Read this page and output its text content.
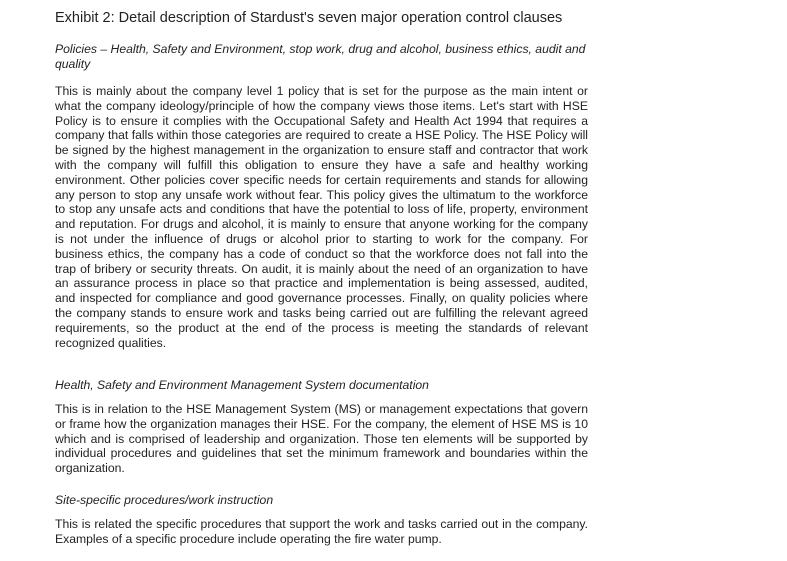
Exhibit 2: Detail description of Stardust's seven major operation control clauses

Policies – Health, Safety and Environment, stop work, drug and alcohol, business ethics, audit and quality

This is mainly about the company level 1 policy that is set for the purpose as the main intent or what the company ideology/principle of how the company views those items. Let's start with HSE Policy is to ensure it complies with the Occupational Safety and Health Act 1994 that requires a company that falls within those categories are required to create a HSE Policy. The HSE Policy will be signed by the highest management in the organization to ensure staff and contractor that work with the company will fulfill this obligation to ensure they have a safe and healthy working environment. Other policies cover specific needs for certain requirements and stands for allowing any person to stop any unsafe work without fear. This policy gives the ultimatum to the workforce to stop any unsafe acts and conditions that have the potential to loss of life, property, environment and reputation. For drugs and alcohol, it is mainly to ensure that anyone working for the company is not under the influence of drugs or alcohol prior to starting to work for the company. For business ethics, the company has a code of conduct so that the workforce does not fall into the trap of bribery or security threats. On audit, it is mainly about the need of an organization to have an assurance process in place so that practice and implementation is being assessed, audited, and inspected for compliance and good governance processes. Finally, on quality policies where the company stands to ensure work and tasks being carried out are fulfilling the relevant agreed requirements, so the product at the end of the process is meeting the standards of relevant recognized qualities.

Health, Safety and Environment Management System documentation

This is in relation to the HSE Management System (MS) or management expectations that govern or frame how the organization manages their HSE. For the company, the element of HSE MS is 10 which and is comprised of leadership and organization. Those ten elements will be supported by individual procedures and guidelines that set the minimum framework and boundaries within the organization.

Site-specific procedures/work instruction

This is related the specific procedures that support the work and tasks carried out in the company. Examples of a specific procedure include operating the fire water pump.
